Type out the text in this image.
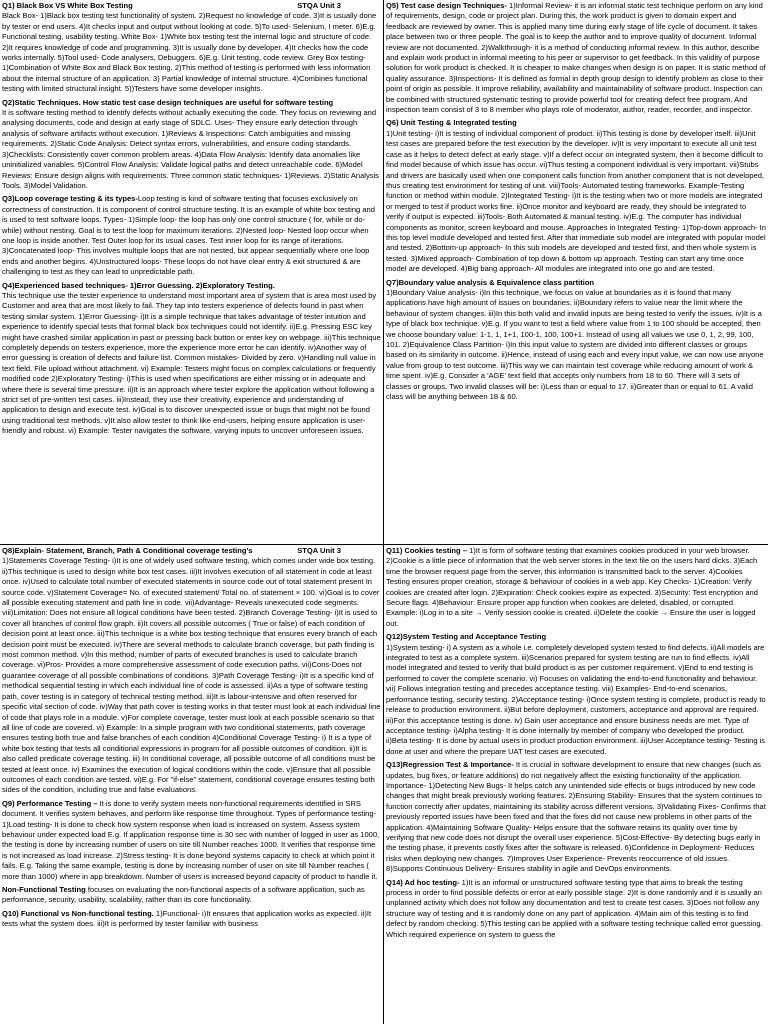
Q1) Black Box VS White Box Testing	STQA Unit 3

Black Box- 1)Black box testing test functionality of system. 2)Request no knowledge of code. 3)It is usually done by tester or end users. 4)It checks input and output without looking at code. 5)To used- Selenium, I meter. 6)E.g. Functional testing, usability testing. White Box- 1)White box testing test the internal logic and structure of code. 2)It requires knowledge of code and programming. 3)It is usually done by developer. 4)It checks how the code works internally. 5)Tool used- Code analysers, Debuggers. 6)E.g. Unit testing, code review. Grey Box testing- 1)Combination of White Box and Black Box testing. 2)This method of testing is performed with less information about the internal structure of an application. 3) Partial knowledge of internal structure. 4)Combines functional testing with limited structural insight. 5))Testers have some developer insights.

Q2)Static Techniques. How static test case design techniques are useful for software testing

It is software testing method to identify defects without actually executing the code. They focus on reviewing and analysing documents, code and design at early stage of SDLC. Uses- They ensure early detection through analysis of software artifacts without execution. 1)Reviews & Inspections: Catch ambiguities and missing requirements. 2)Static Code Analysis: Detect syntax errors, vulnerabilities, and ensure coding standards. 3)Checklists: Consistently cover common problem areas. 4)Data Flow Analysis: Identify data anomalies like uninitialized variables. 5)Control Flow Analysis: Validate logical paths and detect unreachable code. 6)Model Reviews: Ensure design aligns with requirements. Three common static techniques- 1)Reviews. 2)Static Analysis Tools. 3)Model Validation.

Q3)Loop coverage testing & its types-Loop testing is kind of software testing that focuses exclusively on correctness of construction. It is component of control structure testing. It is an example of white box testing and is used to test software loops. Types- 1)Simple loop- the loop has only one control structure ( for, while or do-while) without nesting. Goal is to test the loop for maximum iterations. 2)Nested loop- Nested loop occur when one loop is inside another. Test Outer loop for its usual cases. Test inner loop for its range of iterations. 3)Concatenated loop- This involves multiple loops that are not nested, but appear sequentially where one loop ends and another begins. 4)Unstructured loops- These loops do not have clear entry & exit structured & are challenging to test as they can lead to unpredictable path.

Q4)Experienced based techniques- 1)Error Guessing. 2)Exploratory Testing.

This technique use the tester experience to understand most important area of system that is area most used by Customer and area that are most likely to fail. They tap into testers experience of defects found in past when testing similar system. 1)Error Guessing- i)It is a simple technique that takes advantage of tester intuition and experience to identify special tests that formal black box techniques could not identify. ii)E.g. Pressing ESC key might have crashed similar application in past or pressing back button or enter key on webpage. iii)This technique completely depends on testers experience, more the experience more error he can identify. iv)Another way of error guessing is creation of defects and failure list. Common mistakes- Divided by zero. v)Handling null value in text field. File upload without attachment. vi) Example: Testers might focus on complex calculations or frequently modified code 2)Exploratory Testing- i)This is used when specifications are either missing or in adequate and where there is several time pressure. ii)It is an approach where tester explore the application without following a strict set of pre-written test cases. iii)Instead, they use their creativity, experience and understanding of application to design and execute test. iv)Goal is to discover unexpected issue or bugs that might not be found using traditional test methods. v)It also allow tester to think like end-users, helping ensure application is user-friendly and robust. vi) Example: Tester navigates the software, varying inputs to uncover unforeseen issues.

Q5) Test case design Techniques- 1)Informal Review- it is an informal static test technique perform on any kind of requirements, design, code or project plan. During this, the work product is given to domain expert and feedback are reviewed by owner. This is applied many time during early stage of life cycle of document. It takes place between two or three people. The goal is to keep the author and to improve quality of document. Informal review are not documented. 2)Walkthrough- it is a method of conducting informal review. In this author, describe and explain work product in informal meeting to his peer or supervisor to get feedback. In this validity of purpose solution for work product is checked. It is cheaper to make changes when design is on paper. It is static method of quality assurance. 3)Inspections- It is defined as formal in depth group design to identify problem as close to their point of origin as possible. It improve reliability, availability and maintainability of software product. Inspection can be combined with structured systematic testing to provide powerful tool for creating defect free program. And inspection team consist of 3 to 8 member who plays role of moderator, author, reader, recorder, and inspector.

Q6) Unit Testing & Integrated testing

1)Unit testing- i)It is testing of individual component of product. ii)This testing is done by developer itself. iii)Unit test cases are prepared before the test execution by the developer. iv)It is very important to execute all unit test case as it helps to detect defect at early stage. v)If a defect occur on integrated system, then it become difficult to find model because of which issue has occur. vi)Thus testing a component individual is very important. vii)Stubs and drivers are basically used when one component calls function from another component that is not developed, thus creating test environment for testing of unit. viii)Tools- Automated testing frameworks. Example-Testing function or method within module. 2)Integrated Testing- i)It is the testing when two or more models are integrated or merged to test if product works fine. ii)Once monitor and keyboard are ready, they should be integrated to verify if output is expected. iii)Tools- Both Automated & manual testing. iv)E.g. The computer has individual components as monitor, screen keyboard and mouse. Approaches in Integrated Testing- 1)Top-down approach- In this top level module developed and tested first. After that immediate sub model are integrated with popular model and tested. 2)Bottom-up approach- In this sub models are developed and tested first, and then whole system is tested. 3)Mixed approach- Combination of top down & bottom up approach. Testing can start any time once model are developed. 4)Big bang approach- All modules are integrated into one go and are tested.

Q7)Boundary value analysis & Equivalence class partition

1)Boundary Value analysis- i)In this technique, we focus on value at boundaries as it is found that many applications have high amount of issues on boundaries. ii)Boundary refers to value near the limit where the behaviour of system changes. iii)In this both valid and invalid inputs are being tested to verify the issues. iv)It is a type of black box technique. v)E.g. If you want to test a field where value from 1 to 100 should be accepted, then we choose boundary value: 1-1, 1, 1+1, 100-1, 100, 100+1. Instead of using all values we use 0, 1, 2, 99, 100, 101. 2)Equivalence Class Partition- i)In this input value to system are divided into different classes or groups based on its similarity in outcome. ii)Hence, instead of using each and every input value, we can now use anyone value from group to test outcome. iii)This way we can maintain test coverage while reducing amount of work & time spent. iv)E.g. Consider a 'AGE' text field that accepts only numbers from 18 to 60. There will 3 sets of classes or groups. Two invalid classes will be: i)Less than or equal to 17. ii)Greater than or equal to 61. A valid class will be anything between 18 & 60.

Q8)Explain- Statement, Branch, Path & Conditional coverage testing's	STQA Unit 3

1)Statements Coverage Testing- i)It is one of widely used software testing, which comes under wide box testing. ii)This technique is used to design white box test cases. iii)It involves execution of all statement in code at least once. iv)Used to calculate total number of executed statements in source code out of total statement present In source code. v)Statement Coverage= No. of executed statement/ Total no. of statement × 100. vi)Goal is to cover all possible executing statement and path line in code. vii)Advantage- Reveals unexecuted code segments. viii)Limitation: Does not ensure all logical conditions have been tested. 2)Branch Coverage Testing- i)It is used to cover all branches of control flow graph. ii)It covers all possible outcomes ( True or false) of each condition of decision point at least once. iii)This technique is a white box testing technique that ensures every branch of each decision point must be executed. iv)There are several methods to calculate branch coverage, but path finding is most common method. v)In this method, number of parts of executed branches is used to calculate branch coverage. vi)Pros- Provides a more comprehensive assessment of code execution paths. vii)Cons-Does not guarantee coverage of all possible combinations of conditions. 3)Path Coverage Testing- i)It is a specific kind of methodical sequential testing in which each individual line of code is assessed. ii)As a type of software testing path, cover testing is in category of technical testing method. iii)It is labour-intensive and often reserved for specific vital section of code. iv)Way that path cover is testing works in that tester must look at each individual line of code that plays role in a module. v)For complete coverage, tester must look at each possible scenario so that all line of code are covered. vi) Example: In a simple program with two conditional statements, path coverage ensures testing both true and false branches of each condition 4)Conditional Coverage Testing- i) It is a type of white box testing that tests all conditional expressions in program for all possible outcomes of condition. ii)It is also called predicate coverage testing. iii) In conditional coverage, all possible outcome of all conditions must be tested at least once. iv) Examines the execution of logical conditions within the code. v)Ensure that all possible outcomes of each condition are tested. vi)E.g. For "if-else" statement, conditional coverage ensures testing both sides of the condition, including true and false evaluations.

Q9) Performance Testing – It is done to verify system meets non-functional requirements identified in SRS document. It verifies system behaves, and perform like response time throughout. Types of performance testing- 1)Load testing- It is done to check how system response when load is increased on system. Assess system behaviour under expected load E.g. If application response time is 30 sec with number of logged in user as 1000, the testing is done by increasing number of users on site till Number reaches 1000. It verifies that response time is not increased as load increase. 2)Stress testing- It is done beyond systems capacity to check at which point it fails. E.g. Taking the same example, testing is done by increasing number of user on site till Number reaches ( more than 1000) where in app breakdown. Number of users is increased beyond capacity of product to handle it.

Non-Functional Testing focuses on evaluating the non-functional aspects of a software application, such as performance, security, usability, scalability, rather than its core functionality.

Q10) Functional vs Non-functional testing. 1)Functional- i)It ensures that application works as expected. ii)It tests what the system does. iii)It is performed by tester familiar with business

Q11) Cookies testing – 1)It is form of software testing that examines cookies produced in your web browser. 2)Cookie is a little piece of information that the web server stores in the text file on the users hard dicks. 3)Each time the browser request page from the server, this information is transmitted back to the server. 4)Cookies Testing ensures proper creation, storage & behaviour of cookies in a web app. Key Checks- 1)Creation: Verify cookies are created after login. 2)Expiration: Check cookies expire as expected. 3)Security: Test encryption and Secure flags. 4)Behaviour: Ensure proper app function when cookies are deleted, disabled, or corrupted. Example: i)Log in to a site → Verify session cookie is created. ii)Delete the cookie → Ensure the user is logged out.

Q12)System Testing and Acceptance Testing

1)System testing- i) A system as a whole i.e. completely developed system tested to find defects. ii)All models are integrated to test as a complete system. iii)Scenarios prepared for system testing are run to find effects. iv)All model integrated and tested to verify that build product is as per customer requirement. v)End to end testing is performed to cover the complete scenario. vi) Focuses on validating the end-to-end functionality and behaviour. vii) Follows integration testing and precedes acceptance testing. viii) Examples- End-to-end scenarios, performance testing, security testing. 2)Acceptance testing- i)Once system testing is complete, product is ready to release to production environment. ii)But before deployment, customers, acceptance and approval are required. iii)For this acceptance testing is done. iv) Gain user acceptance and ensure business needs are met. Type of acceptance testing- i)Alpha testing- It is done internally by member of company who developed the product. ii)Beta testing- It is done by actual users in product production environment. iii)User Acceptance testing- Testing is done at user and where the prepare UAT test cases are executed.

Q13)Regression Test & Importance- It is crucial in software development to ensure that new changes (such as updates, bug fixes, or feature additions) do not negatively affect the existing functionality of the application. Importance- 1)Detecting New Bugs- It helps catch any unintended side effects or bugs introduced by new code changes that might break previously working features. 2)Ensuring Stability- Ensures that the system continues to function correctly after updates, maintaining its stability across different versions. 3)Validating Fixes- Confirms that previously reported issues have been fixed and that the fixes did not cause new problems in other parts of the application. 4)Maintaining Software Quality- Helps ensure that the software retains its quality over time by verifying that new code does not disrupt the overall user experience. 5)Cost-Effective- By detecting bugs early in the testing phase, it prevents costly fixes after the software is released. 6)Confidence in Deployment- Reduces risks when deploying new changes. 7)Improves User Experience- Prevents reoccurrence of old issues. 8)Supports Continuous Delivery- Ensures stability in agile and DevOps environments.

Q14) Ad hoc testing- 1)It is an informal or unstructured software testing type that aims to break the testing process in order to find possible defects or error at early possible stage. 2)It is done randomly and it is usually an unplanned activity which does not follow any documentation and test to create test cases. 3)Does not follow any structure way of testing and it is randomly done on any part of application. 4)Main aim of this testing is to find defect by random checking. 5)This testing can be applied with a software testing technique called error guessing. Which required experience on system to guess the
